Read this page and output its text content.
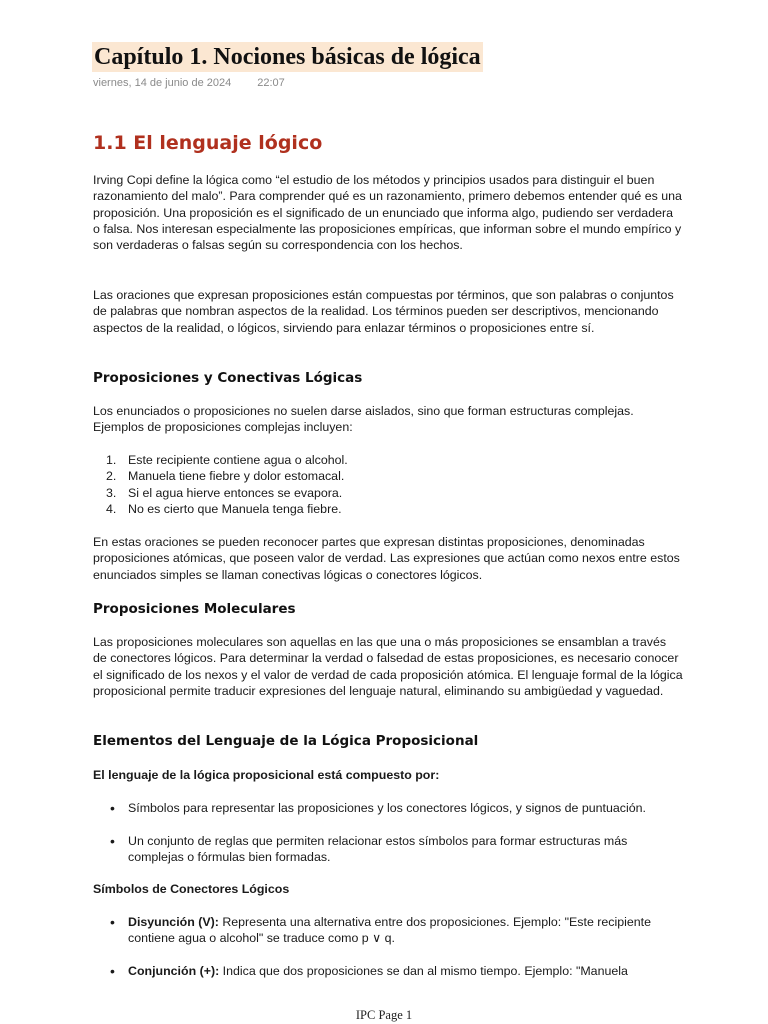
Capítulo 1. Nociones básicas de lógica
viernes, 14 de junio de 2024 22:07
1.1 El lenguaje lógico
Irving Copi define la lógica como “el estudio de los métodos y principios usados para distinguir el buen razonamiento del malo”. Para comprender qué es un razonamiento, primero debemos entender qué es una proposición. Una proposición es el significado de un enunciado que informa algo, pudiendo ser verdadera o falsa. Nos interesan especialmente las proposiciones empíricas, que informan sobre el mundo empírico y son verdaderas o falsas según su correspondencia con los hechos.
Las oraciones que expresan proposiciones están compuestas por términos, que son palabras o conjuntos de palabras que nombran aspectos de la realidad. Los términos pueden ser descriptivos, mencionando aspectos de la realidad, o lógicos, sirviendo para enlazar términos o proposiciones entre sí.
Proposiciones y Conectivas Lógicas
Los enunciados o proposiciones no suelen darse aislados, sino que forman estructuras complejas. Ejemplos de proposiciones complejas incluyen:
1. Este recipiente contiene agua o alcohol.
2. Manuela tiene fiebre y dolor estomacal.
3. Si el agua hierve entonces se evapora.
4. No es cierto que Manuela tenga fiebre.
En estas oraciones se pueden reconocer partes que expresan distintas proposiciones, denominadas proposiciones atómicas, que poseen valor de verdad. Las expresiones que actúan como nexos entre estos enunciados simples se llaman conectivas lógicas o conectores lógicos.
Proposiciones Moleculares
Las proposiciones moleculares son aquellas en las que una o más proposiciones se ensamblan a través de conectores lógicos. Para determinar la verdad o falsedad de estas proposiciones, es necesario conocer el significado de los nexos y el valor de verdad de cada proposición atómica. El lenguaje formal de la lógica proposicional permite traducir expresiones del lenguaje natural, eliminando su ambigüedad y vaguedad.
Elementos del Lenguaje de la Lógica Proposicional
El lenguaje de la lógica proposicional está compuesto por:
• Símbolos para representar las proposiciones y los conectores lógicos, y signos de puntuación.
• Un conjunto de reglas que permiten relacionar estos símbolos para formar estructuras más complejas o fórmulas bien formadas.
Símbolos de Conectores Lógicos
• Disyunción (V): Representa una alternativa entre dos proposiciones. Ejemplo: "Este recipiente contiene agua o alcohol" se traduce como p ∨ q.
• Conjunción (+): Indica que dos proposiciones se dan al mismo tiempo. Ejemplo: "Manuela
IPC Page 1
